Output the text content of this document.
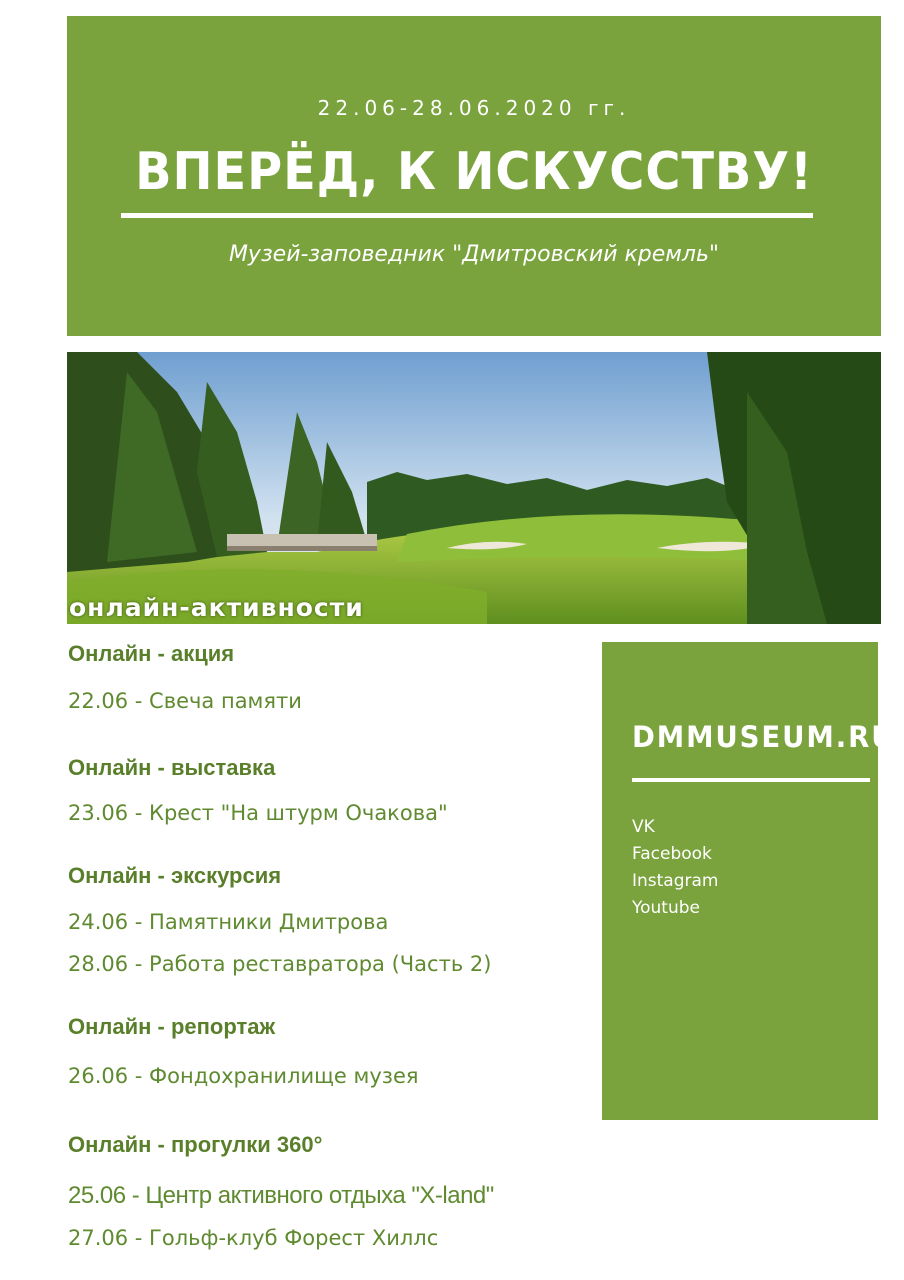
22.06-28.06.2020 гг.
ВПЕРЁД, К ИСКУССТВУ!
Музей-заповедник "Дмитровский кремль"
онлайн-активности
Онлайн - акция
22.06 - Свеча памяти
Онлайн - выставка
23.06 - Крест "На штурм Очакова"
Онлайн - экскурсия
24.06 - Памятники Дмитрова
28.06 - Работа реставратора (Часть 2)
Онлайн - репортаж
26.06 - Фондохранилище музея
Онлайн - прогулки 360°
25.06 - Центр активного отдыха "X-land"
27.06 - Гольф-клуб Форест Хиллс
DMMUSEUM.RU
VK
Facebook
Instagram
Youtube
